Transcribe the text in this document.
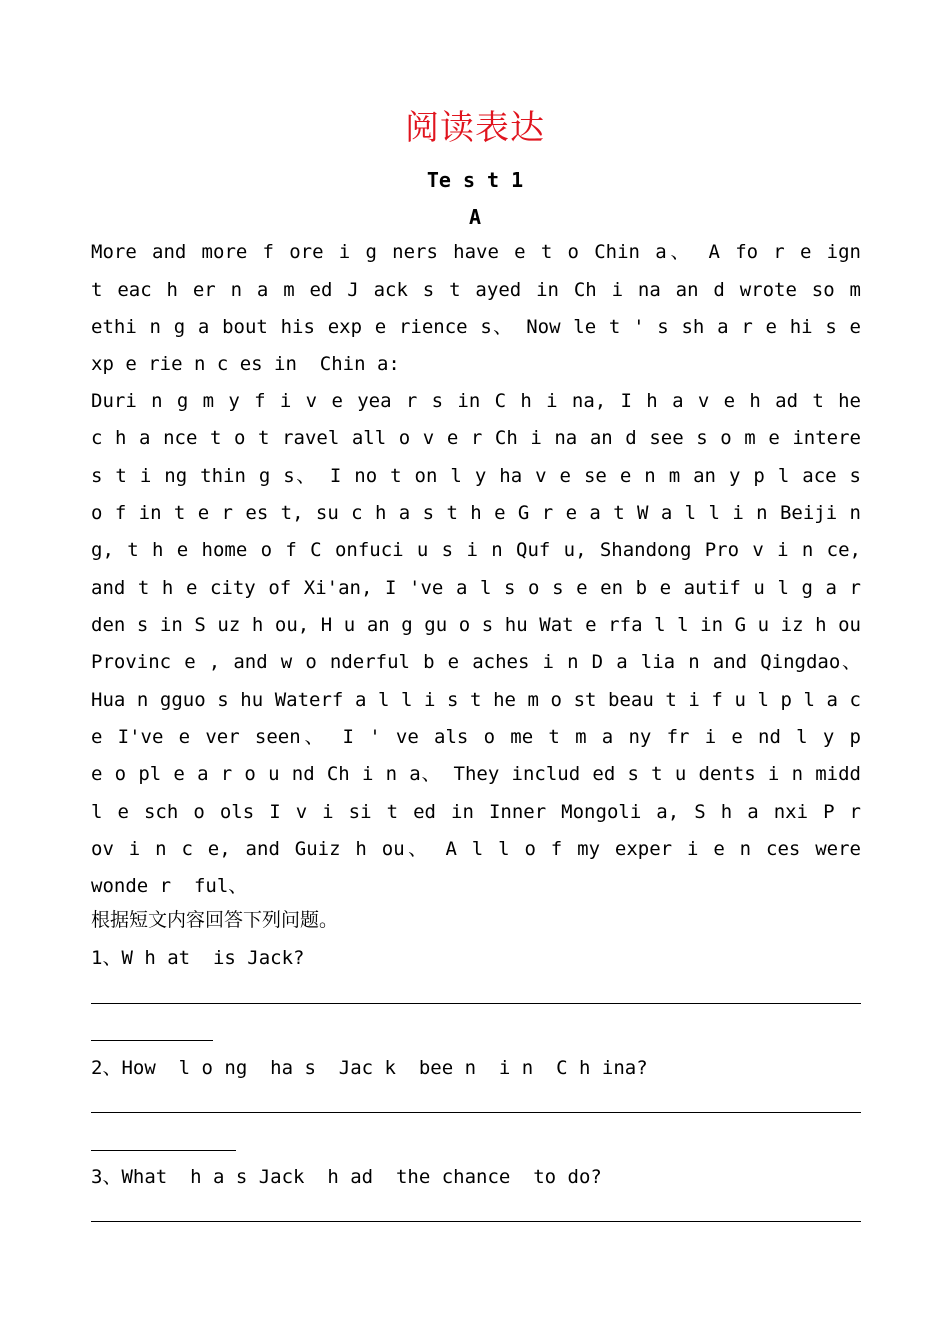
阅读表达
Te s t 1
A
More and more f ore i g ners have e t o Chin a、 A fo r e ign
t eac h er n a m ed J ack s t ayed in Ch i na an d wrote so m
ethi n g a bout his exp e rience s、 Now le t ' s sh a r e hi s e
xp e rie n c es in  Chin a:
Duri n g m y f i v e yea r s in C h i na, I h a v e h ad t he
c h a nce t o t ravel all o v e r Ch i na an d see s o m e intere
s t i ng thin g s、 I no t on l y ha v e se e n m an y p l ace s
o f in t e r es t, su c h a s t h e G r e a t W a l l i n Beiji n
g, t h e home o f C onfuci u s i n Quf u, Shandong Pro v i n ce,
and t h e city of Xi'an, I 've a l s o s e en b e autif u l g a r
den s in S uz h ou, H u an g gu o s hu Wat e rfa l l in G u iz h ou
Provinc e , and w o nderful b e aches i n D a lia n and Qingdao、
Hua n gguo s hu Waterf a l l i s t he m o st beau t i f u l p l a c
e I've e ver seen、 I ' ve als o me t m a ny fr i e nd l y p
e o pl e a r o u nd Ch i n a、 They includ ed s t u dents i n midd
l e sch o ols I v i si t ed in Inner Mongoli a, S h a nxi P r
ov i n c e, and Guiz h ou、 A l l o f my exper i e n ces were
wonde r  ful、
根据短文内容回答下列问题。
1、W h at  is Jack?
2、How  l o ng  ha s  Jac k  bee n  i n  C h ina?
3、What  h a s Jack  h ad  the chance  to do?
